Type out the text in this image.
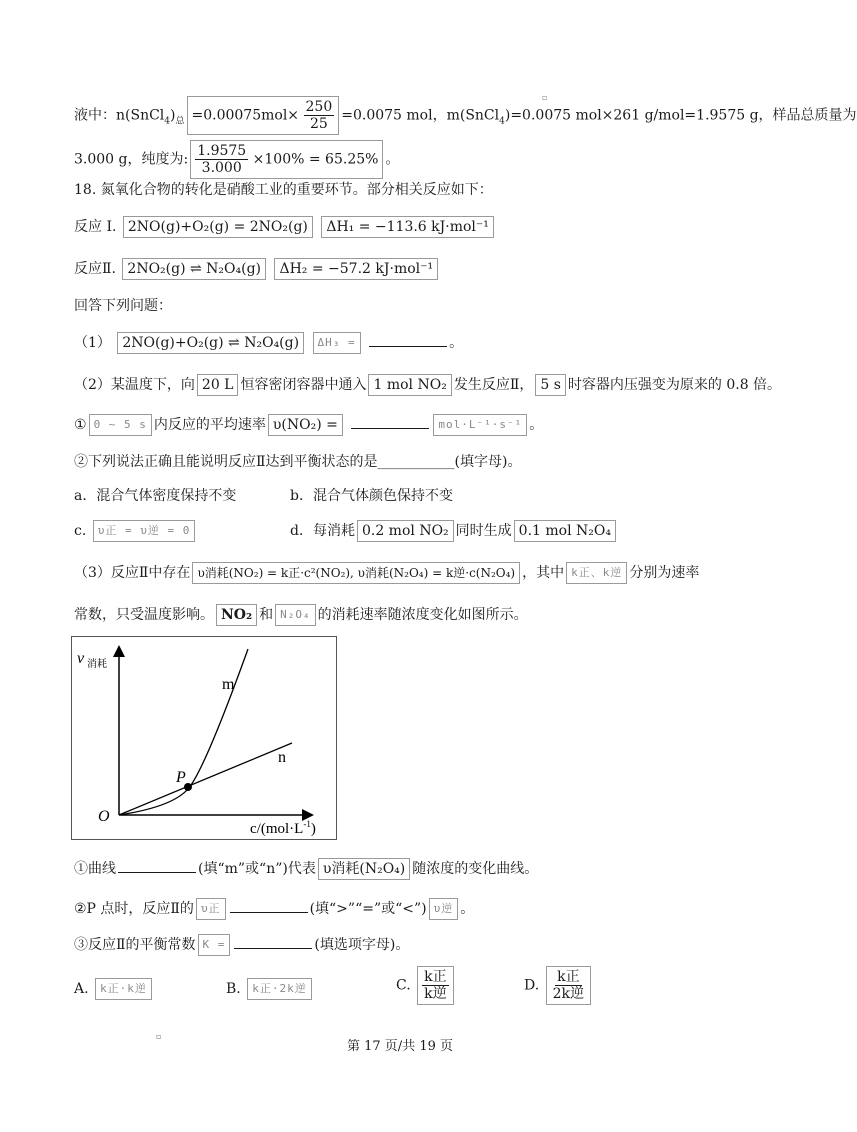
液中：$n(SnCl_4)_总 =0.00075mol\times \frac{250}{25} =0.0075$ mol，m(SnCl$_4$)=0.0075 mol×261 g/mol=1.9575 g，样品总质量为
3.000 g，纯度为: $\frac{1.9575}{3.000} \times 100\% = 65.25\%$ 。
18. 氮氧化合物的转化是硝酸工业的重要环节。部分相关反应如下：
反应 I. 2NO(g)+O₂(g) = 2NO₂(g) ΔH₁ = −113.6 kJ·mol⁻¹
反应Ⅱ. 2NO₂(g) ⇌ N₂O₄(g) ΔH₂ = −57.2 kJ·mol⁻¹
回答下列问题：
（1） 2NO(g)+O₂(g) ⇌ N₂O₄(g) ΔH₃ =	。
（2）某温度下，向 20 L 恒容密闭容器中通入 1 mol NO₂ 发生反应Ⅱ， 5 s 时容器内压强变为原来的 0.8 倍。
① 0 ~ 5 s 内反应的平均速率 υ(NO₂) =	mol·L⁻¹·s⁻¹ 。
②下列说法正确且能说明反应Ⅱ达到平衡状态的是___________(填字母)。
a．混合气体密度保持不变	b．混合气体颜色保持不变
c. υ正 = υ逆 = 0	d．每消耗 0.2 mol NO₂ 同时生成 0.1 mol N₂O₄
（3）反应Ⅱ中存在 υ消耗(NO₂) = k正·c²(NO₂), υ消耗(N₂O₄) = k逆·c(N₂O₄) ，其中 k正、k逆 分别为速率
常数，只受温度影响。 NO₂ 和 N₂O₄ 的消耗速率随浓度变化如图所示。
v 消耗
m
n
P
O
$c/(mol\cdot L^{-1})$
①曲线	(填“m”或“n”)代表 υ消耗(N₂O₄) 随浓度的变化曲线。
②P 点时，反应Ⅱ的 υ正	(填“>”“=”或“<”) υ逆 。
③反应Ⅱ的平衡常数 K =	(填选项字母)。
A. k正·k逆	B. k正·2k逆	C. $\frac{\text{k正}}{\text{k逆}}$	D. $\frac{\text{k正}}{\text{2k逆}}$
▫
▫
第 17 页/共 19 页
